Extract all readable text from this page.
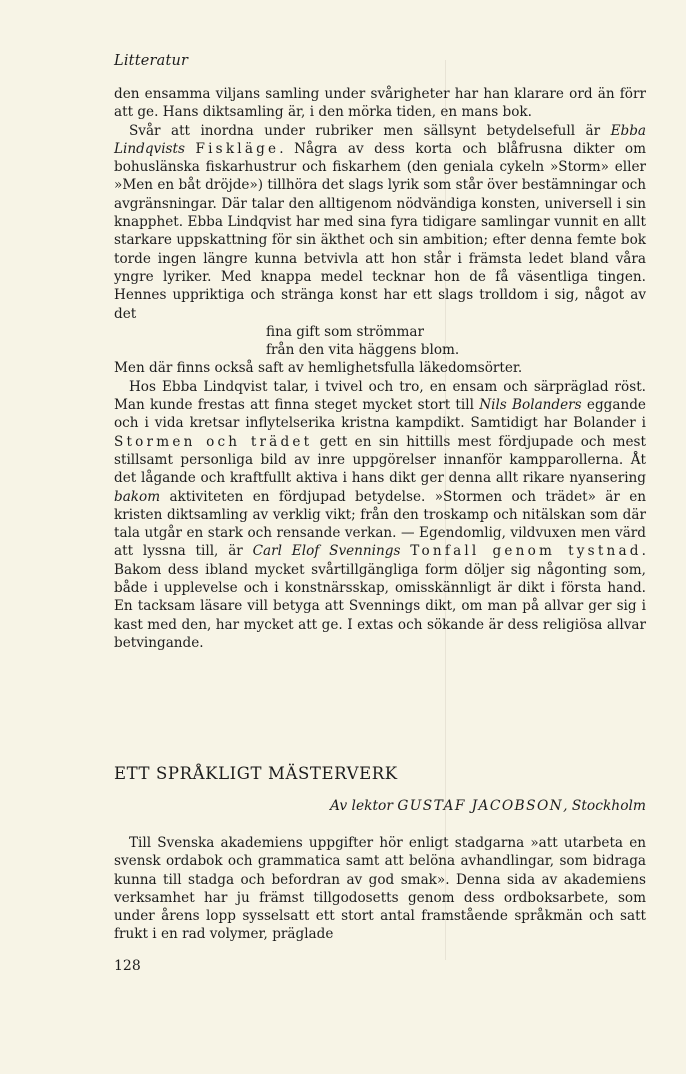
Litteratur

den ensamma viljans samling under svårigheter har han klarare ord än förr att ge. Hans diktsamling är, i den mörka tiden, en mans bok.

Svår att inordna under rubriker men sällsynt betydelsefull är Ebba Lindqvists Fiskläge. Några av dess korta och blåfrusna dikter om bohuslänska fiskarhustrur och fiskarhem (den geniala cykeln »Storm» eller »Men en båt dröjde») tillhöra det slags lyrik som står över bestämningar och avgränsningar. Där talar den alltigenom nödvändiga konsten, universell i sin knapphet. Ebba Lindqvist har med sina fyra tidigare samlingar vunnit en allt starkare uppskattning för sin äkthet och sin ambition; efter denna femte bok torde ingen längre kunna betvivla att hon står i främsta ledet bland våra yngre lyriker. Med knappa medel tecknar hon de få väsentliga tingen. Hennes uppriktiga och stränga konst har ett slags trolldom i sig, något av det

fina gift som strömmar
från den vita häggens blom.

Men där finns också saft av hemlighetsfulla läkedomsörter.

Hos Ebba Lindqvist talar, i tvivel och tro, en ensam och särpräglad röst. Man kunde frestas att finna steget mycket stort till Nils Bolanders eggande och i vida kretsar inflytelserika kristna kampdikt. Samtidigt har Bolander i Stormen och trädet gett en sin hittills mest fördjupade och mest stillsamt personliga bild av inre uppgörelser innanför kampparollerna. Åt det lågande och kraftfullt aktiva i hans dikt ger denna allt rikare nyansering bakom aktiviteten en fördjupad betydelse. »Stormen och trädet» är en kristen diktsamling av verklig vikt; från den troskamp och nitälskan som där tala utgår en stark och rensande verkan. — Egendomlig, vildvuxen men värd att lyssna till, är Carl Elof Svennings Tonfall genom tystnad. Bakom dess ibland mycket svårtillgängliga form döljer sig någonting som, både i upplevelse och i konstnärsskap, omisskännligt är dikt i första hand. En tacksam läsare vill betyga att Svennings dikt, om man på allvar ger sig i kast med den, har mycket att ge. I extas och sökande är dess religiösa allvar betvingande.

ETT SPRÅKLIGT MÄSTERVERK
Av lektor GUSTAF JACOBSON, Stockholm

Till Svenska akademiens uppgifter hör enligt stadgarna »att utarbeta en svensk ordabok och grammatica samt att belöna avhandlingar, som bidraga kunna till stadga och befordran av god smak». Denna sida av akademiens verksamhet har ju främst tillgodosetts genom dess ordboksarbete, som under årens lopp sysselsatt ett stort antal framstående språkmän och satt frukt i en rad volymer, präglade

128
